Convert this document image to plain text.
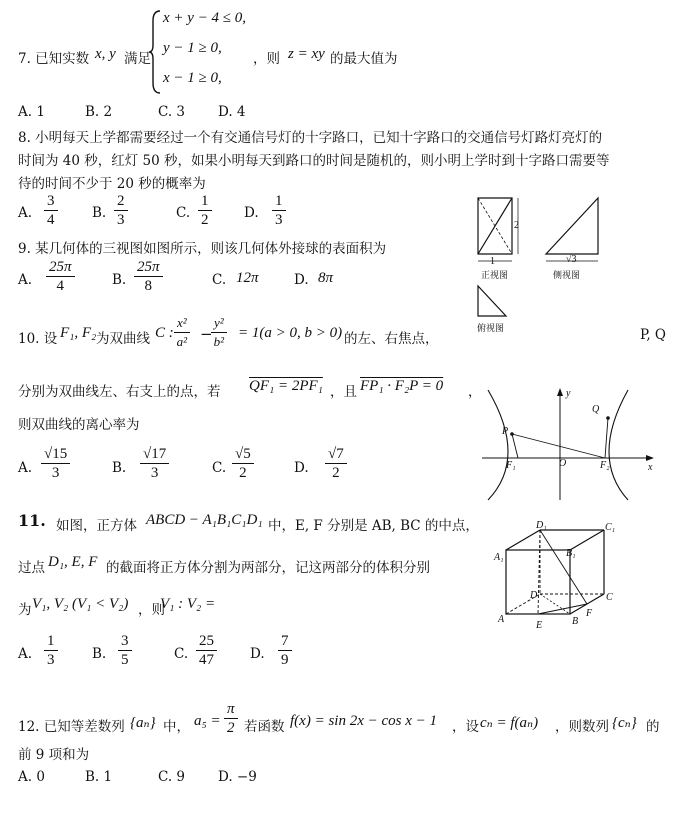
7. 已知实数 x, y 满足
x + y − 4 ≤ 0,
y − 1 ≥ 0,
x − 1 ≥ 0,
，则 z = xy 的最大值为
A. 1	B. 2	C. 3 D. 4
8. 小明每天上学都需要经过一个有交通信号灯的十字路口，已知十字路口的交通信号灯路灯亮灯的
时间为 40 秒，红灯 50 秒，如果小明每天到路口的时间是随机的，则小明上学时到十字路口需要等
待的时间不少于 20 秒的概率为
A. $\frac{3}{4}$	B. $\frac{2}{3}$	C. $\frac{1}{2} D$. $\frac{1}{3}$
9. 某几何体的三视图如图所示，则该几何体外接球的表面积为
A. $\frac{25\pi}{4}$	B. $\frac{25\pi}{8}$	C. 12π	D. 8π
2
1
正视图
√3
侧视图
俯视图
10. 设 F₁, F₂ 为双曲线 C : $\frac{\text{x²}}{\text{a²}}$ −
$\frac{\text{y²}}{\text{b²}} = 1(a > 0$, b > 0) 的左、右焦点，	P, Q
分别为双曲线左、右支上的点，若 QF₁ = 2PF₁ ，且 FP₁ · F₂P = 0 ，
则双曲线的离心率为
A. $\frac{√15}{3}$	B. $\frac{√17}{3}$	C. $\frac{√5}{2}$	D. $\frac{√7}{2}$
y
x
O
P
Q
F₁	F₂
11. 如图，正方体 ABCD − A₁B₁C₁D₁ 中，E, F 分别是 AB, BC 的中点，
过点 D₁, E, F 的截面将正方体分割为两部分，记这两部分的体积分别
为 V₁, V₂ (V₁ < V₂) ，则
V₁ : V₂ =
A. $\frac{1}{3}$	B. $\frac{3}{5}$	C. $\frac{25}{47} D$. $\frac{7}{9}$
D₁	C₁
A₁	B₁
D	C
A
E	B
F
12. 已知等差数列 {aₙ} 中， $a_5 = \frac{\pi}{2}$ 若函数 f(x) = sin 2x − cos x − 1 ，设 cₙ = f(aₙ) ，则数列 {cₙ} 的
前 9 项和为
A. 0	B. 1	C. 9 D. −9
